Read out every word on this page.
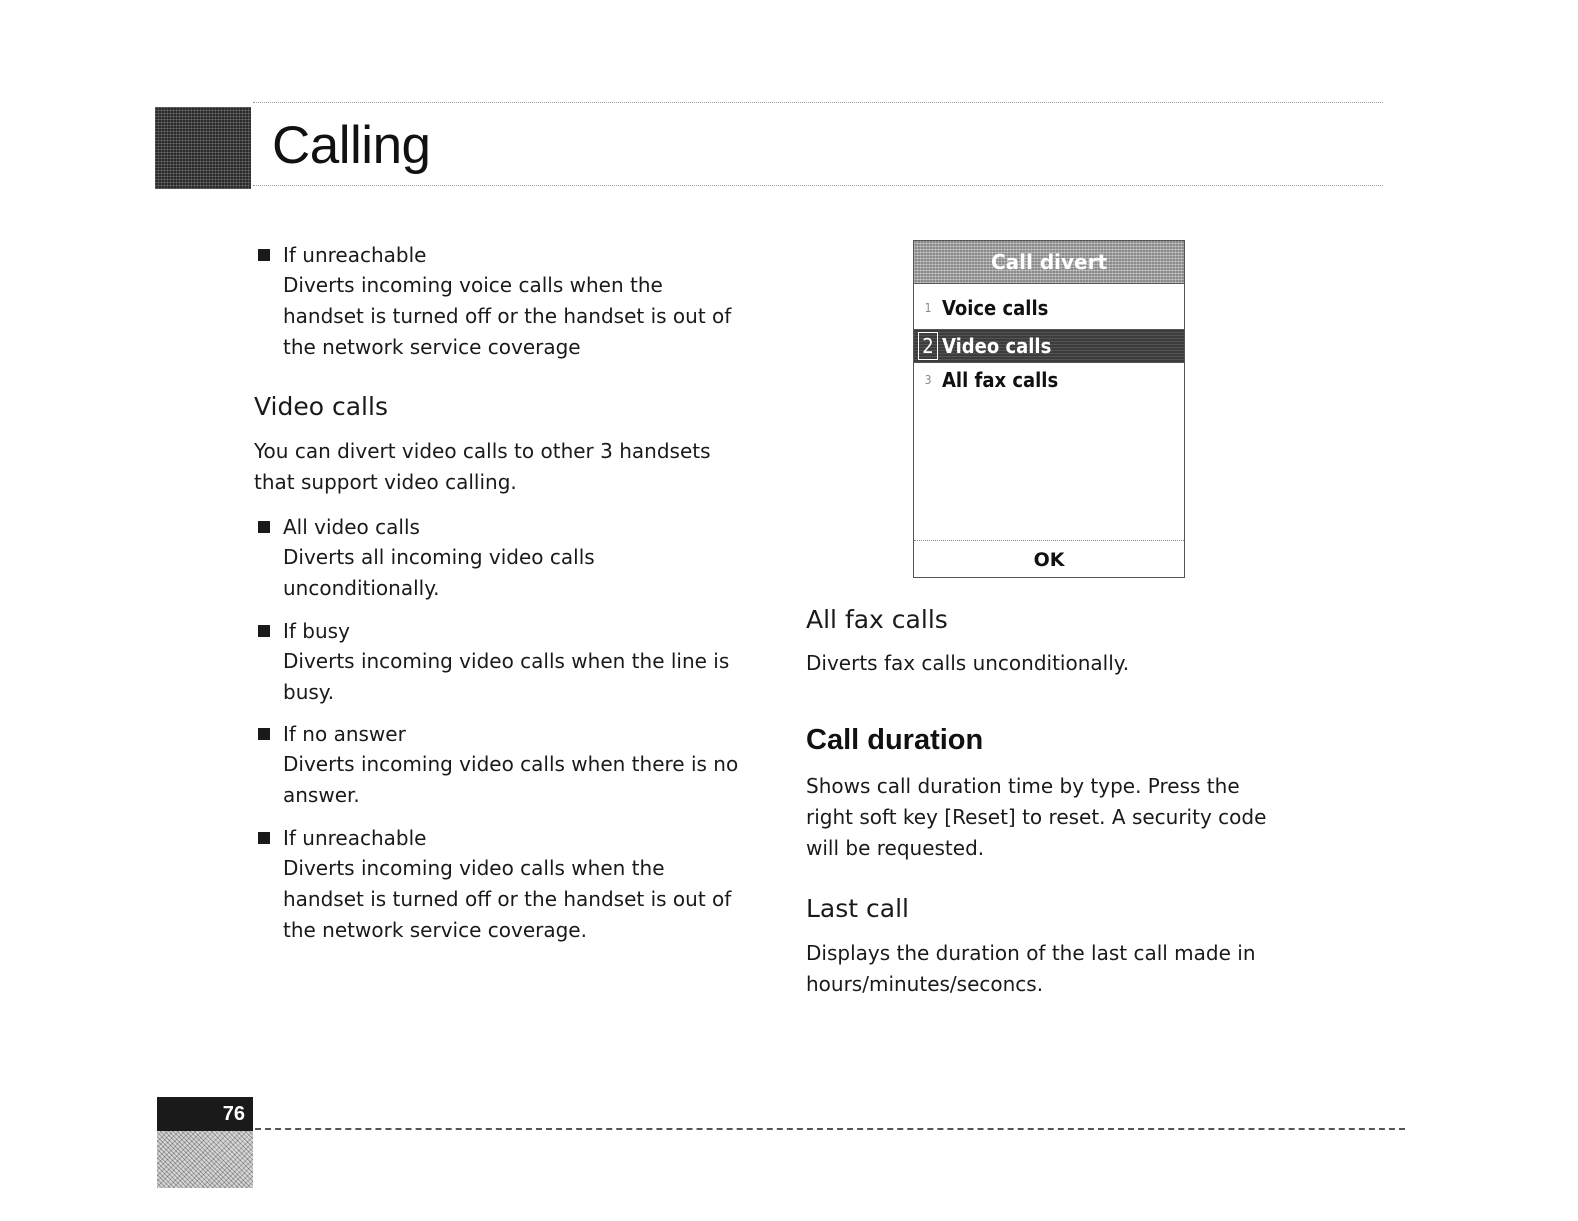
Calling
If unreachable
Diverts incoming voice calls when the
handset is turned off or the handset is out of
the network service coverage
Video calls

You can divert video calls to other 3 handsets

that support video calling.

All video calls
Diverts all incoming video calls
unconditionally.
If busy
Diverts incoming video calls when the line is
busy.
If no answer
Diverts incoming video calls when there is no
answer.
If unreachable
Diverts incoming video calls when the
handset is turned off or the handset is out of
the network service coverage.
Call divert
1 Voice calls
2 Video calls
3 All fax calls
OK
All fax calls

Diverts fax calls unconditionally.

Call duration

Shows call duration time by type. Press the

right soft key [Reset] to reset. A security code

will be requested.

Last call

Displays the duration of the last call made in

hours/minutes/seconcs.

76
